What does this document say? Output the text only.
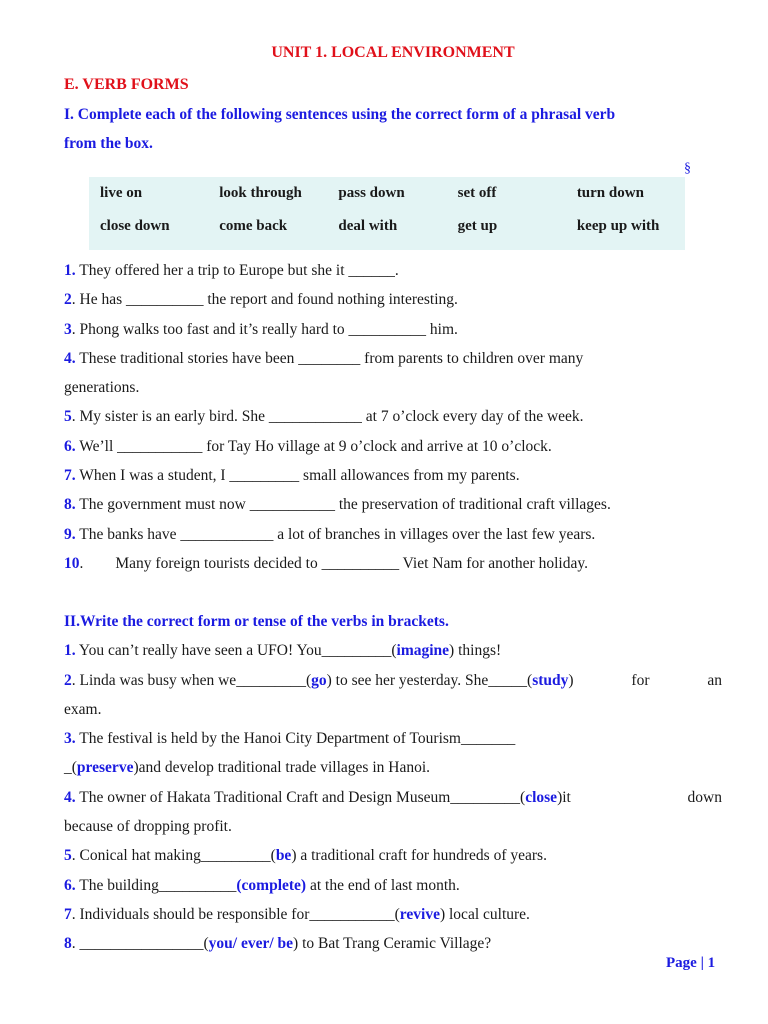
UNIT 1. LOCAL ENVIRONMENT

E. VERB FORMS

I. Complete each of the following sentences using the correct form of a phrasal verb
from the box.

§
live on	look through	pass down	set off	turn down
close down	come back	deal with	get up	keep up with

1. They offered her a trip to Europe but she it ______.

2. He has __________ the report and found nothing interesting.

3. Phong walks too fast and it’s really hard to __________ him.

4. These traditional stories have been ________ from parents to children over many
generations.

5. My sister is an early bird. She ____________ at 7 o’clock every day of the week.

6. We’ll ___________ for Tay Ho village at 9 o’clock and arrive at 10 o’clock.

7. When I was a student, I _________ small allowances from my parents.

8. The government must now ___________ the preservation of traditional craft villages.

9. The banks have ____________ a lot of branches in villages over the last few years.

10. Many foreign tourists decided to __________ Viet Nam for another holiday.

II.Write the correct form or tense of the verbs in brackets.

1. You can’t really have seen a UFO! You_________(imagine) things!

2. Linda was busy when we_________(go) to see her yesterday. She_____(study)	for	an

exam.

3. The festival is held by the Hanoi City Department of Tourism_______

_(preserve)and develop traditional trade villages in Hanoi.

4. The owner of Hakata Traditional Craft and Design Museum_________(close)it	down

because of dropping profit.

5. Conical hat making_________(be) a traditional craft for hundreds of years.

6. The building__________(complete) at the end of last month.

7. Individuals should be responsible for___________(revive) local culture.

8. ________________(you/ ever/ be) to Bat Trang Ceramic Village?

Page | 1
